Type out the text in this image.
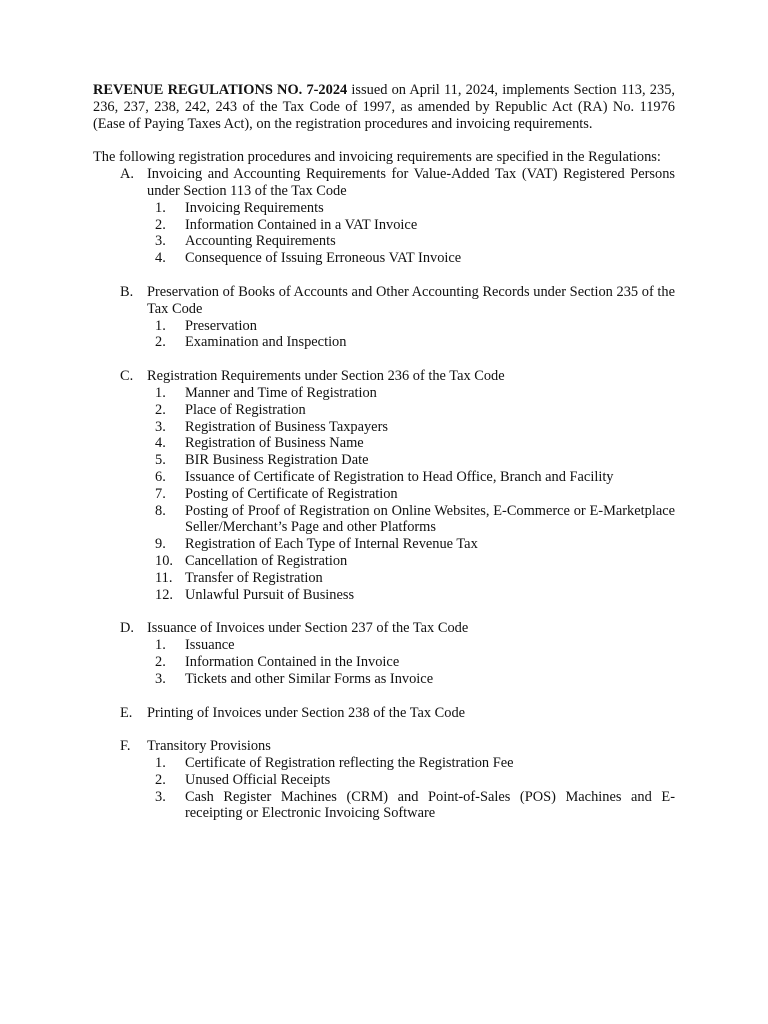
REVENUE REGULATIONS NO. 7-2024 issued on April 11, 2024, implements Section 113, 235, 236, 237, 238, 242, 243 of the Tax Code of 1997, as amended by Republic Act (RA) No. 11976 (Ease of Paying Taxes Act), on the registration procedures and invoicing requirements.

The following registration procedures and invoicing requirements are specified in the Regulations:

A. Invoicing and Accounting Requirements for Value-Added Tax (VAT) Registered Persons under Section 113 of the Tax Code
1.	Invoicing Requirements
2.	Information Contained in a VAT Invoice
3.	Accounting Requirements
4.	Consequence of Issuing Erroneous VAT Invoice
B. Preservation of Books of Accounts and Other Accounting Records under Section 235 of the Tax Code
1.	Preservation
2.	Examination and Inspection
C. Registration Requirements under Section 236 of the Tax Code
1.	Manner and Time of Registration
2.	Place of Registration
3.	Registration of Business Taxpayers
4.	Registration of Business Name
5.	BIR Business Registration Date
6.	Issuance of Certificate of Registration to Head Office, Branch and Facility
7.	Posting of Certificate of Registration
8.	Posting of Proof of Registration on Online Websites, E-Commerce or E-Marketplace Seller/Merchant’s Page and other Platforms
9.	Registration of Each Type of Internal Revenue Tax
10. Cancellation of Registration
11. Transfer of Registration
12. Unlawful Pursuit of Business
D. Issuance of Invoices under Section 237 of the Tax Code
1.	Issuance
2.	Information Contained in the Invoice
3.	Tickets and other Similar Forms as Invoice
E.	Printing of Invoices under Section 238 of the Tax Code
F.	Transitory Provisions
1.	Certificate of Registration reflecting the Registration Fee
2.	Unused Official Receipts
3.	Cash Register Machines (CRM) and Point-of-Sales (POS) Machines and E-receipting or Electronic Invoicing Software
